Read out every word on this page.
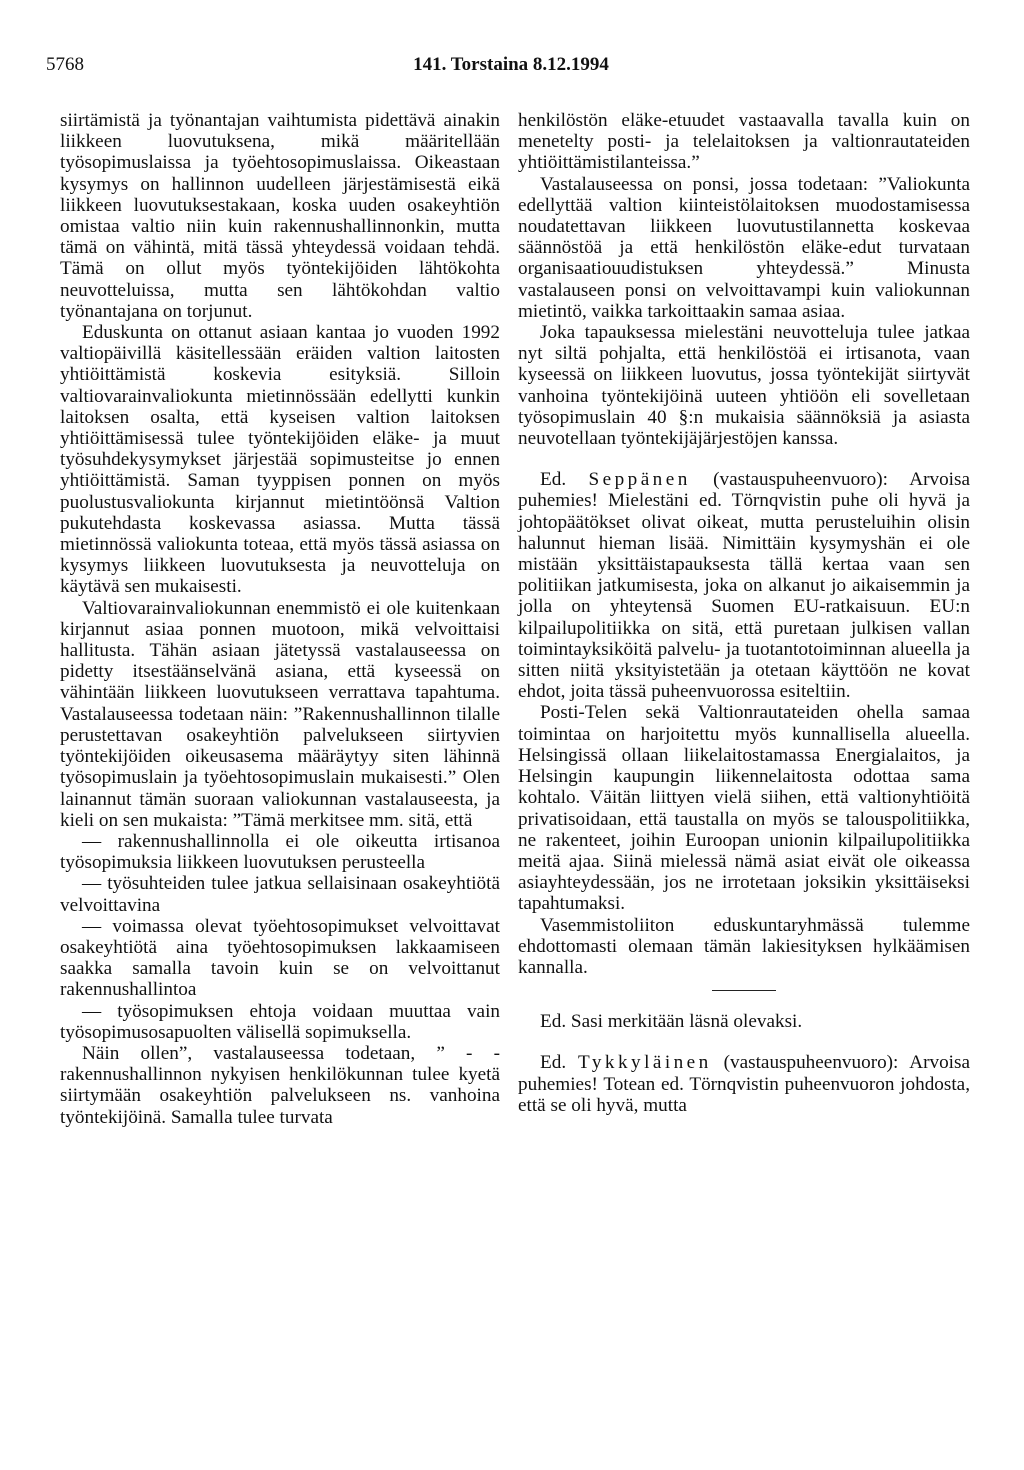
5768	141. Torstaina 8.12.1994

siirtämistä ja työnantajan vaihtumista pidettävä ainakin liikkeen luovutuksena, mikä määritellään työsopimuslaissa ja työehtosopimuslaissa. Oikeastaan kysymys on hallinnon uudelleen järjestämisestä eikä liikkeen luovutuksestakaan, koska uuden osakeyhtiön omistaa valtio niin kuin rakennushallinnonkin, mutta tämä on vähintä, mitä tässä yhteydessä voidaan tehdä. Tämä on ollut myös työntekijöiden lähtökohta neuvotteluissa, mutta sen lähtökohdan valtio työnantajana on torjunut.

Eduskunta on ottanut asiaan kantaa jo vuoden 1992 valtiopäivillä käsitellessään eräiden valtion laitosten yhtiöittämistä koskevia esityksiä. Silloin valtiovarainvaliokunta mietinnössään edellytti kunkin laitoksen osalta, että kyseisen valtion laitoksen yhtiöittämisessä tulee työntekijöiden eläke- ja muut työsuhdekysymykset järjestää sopimusteitse jo ennen yhtiöittämistä. Saman tyyppisen ponnen on myös puolustusvaliokunta kirjannut mietintöönsä Valtion pukutehdasta koskevassa asiassa. Mutta tässä mietinnössä valiokunta toteaa, että myös tässä asiassa on kysymys liikkeen luovutuksesta ja neuvotteluja on käytävä sen mukaisesti.

Valtiovarainvaliokunnan enemmistö ei ole kuitenkaan kirjannut asiaa ponnen muotoon, mikä velvoittaisi hallitusta. Tähän asiaan jätetyssä vastalauseessa on pidetty itsestäänselvänä asiana, että kyseessä on vähintään liikkeen luovutukseen verrattava tapahtuma. Vastalauseessa todetaan näin: ”Rakennushallinnon tilalle perustettavan osakeyhtiön palvelukseen siirtyvien työntekijöiden oikeusasema määräytyy siten lähinnä työsopimuslain ja työehtosopimuslain mukaisesti.” Olen lainannut tämän suoraan valiokunnan vastalauseesta, ja kieli on sen mukaista: ”Tämä merkitsee mm. sitä, että

— rakennushallinnolla ei ole oikeutta irtisanoa työsopimuksia liikkeen luovutuksen perusteella

— työsuhteiden tulee jatkua sellaisinaan osakeyhtiötä velvoittavina

— voimassa olevat työehtosopimukset velvoittavat osakeyhtiötä aina työehtosopimuksen lakkaamiseen saakka samalla tavoin kuin se on velvoittanut rakennushallintoa

— työsopimuksen ehtoja voidaan muuttaa vain työsopimusosapuolten välisellä sopimuksella.

Näin ollen”, vastalauseessa todetaan, ” - - rakennushallinnon nykyisen henkilökunnan tulee kyetä siirtymään osakeyhtiön palvelukseen ns. vanhoina työntekijöinä. Samalla tulee turvata

henkilöstön eläke-etuudet vastaavalla tavalla kuin on menetelty posti- ja telelaitoksen ja valtionrautateiden yhtiöittämistilanteissa.”

Vastalauseessa on ponsi, jossa todetaan: ”Valiokunta edellyttää valtion kiinteistölaitoksen muodostamisessa noudatettavan liikkeen luovutustilannetta koskevaa säännöstöä ja että henkilöstön eläke-edut turvataan organisaatiouudistuksen yhteydessä.” Minusta vastalauseen ponsi on velvoittavampi kuin valiokunnan mietintö, vaikka tarkoittaakin samaa asiaa.

Joka tapauksessa mielestäni neuvotteluja tulee jatkaa nyt siltä pohjalta, että henkilöstöä ei irtisanota, vaan kyseessä on liikkeen luovutus, jossa työntekijät siirtyvät vanhoina työntekijöinä uuteen yhtiöön eli sovelletaan työsopimuslain 40 §:n mukaisia säännöksiä ja asiasta neuvotellaan työntekijäjärjestöjen kanssa.

Ed. Seppänen (vastauspuheenvuoro): Arvoisa puhemies! Mielestäni ed. Törnqvistin puhe oli hyvä ja johtopäätökset olivat oikeat, mutta perusteluihin olisin halunnut hieman lisää. Nimittäin kysymyshän ei ole mistään yksittäistapauksesta tällä kertaa vaan sen politiikan jatkumisesta, joka on alkanut jo aikaisemmin ja jolla on yhteytensä Suomen EU-ratkaisuun. EU:n kilpailupolitiikka on sitä, että puretaan julkisen vallan toimintayksiköitä palvelu- ja tuotantotoiminnan alueella ja sitten niitä yksityistetään ja otetaan käyttöön ne kovat ehdot, joita tässä puheenvuorossa esiteltiin.

Posti-Telen sekä Valtionrautateiden ohella samaa toimintaa on harjoitettu myös kunnallisella alueella. Helsingissä ollaan liikelaitostamassa Energialaitos, ja Helsingin kaupungin liikennelaitosta odottaa sama kohtalo. Väitän liittyen vielä siihen, että valtionyhtiöitä privatisoidaan, että taustalla on myös se talouspolitiikka, ne rakenteet, joihin Euroopan unionin kilpailupolitiikka meitä ajaa. Siinä mielessä nämä asiat eivät ole oikeassa asiayhteydessään, jos ne irrotetaan joksikin yksittäiseksi tapahtumaksi.

Vasemmistoliiton eduskuntaryhmässä tulemme ehdottomasti olemaan tämän lakiesityksen hylkäämisen kannalla.

Ed. Sasi merkitään läsnä olevaksi.

Ed. Tykkyläinen (vastauspuheenvuoro): Arvoisa puhemies! Totean ed. Törnqvistin puheenvuoron johdosta, että se oli hyvä, mutta
